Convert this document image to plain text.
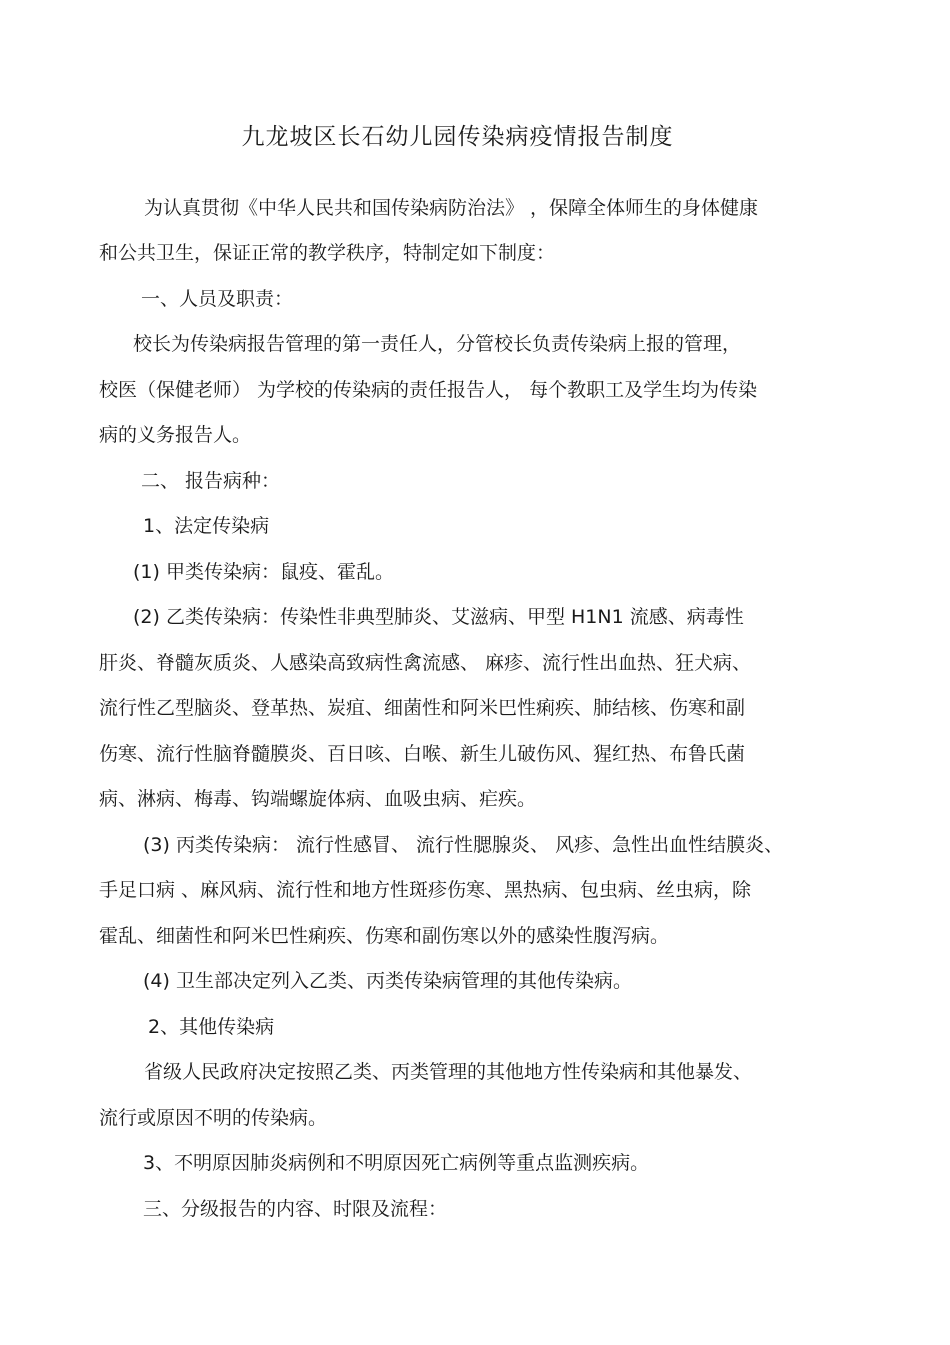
九龙坡区长石幼儿园传染病疫情报告制度
为认真贯彻《中华人民共和国传染病防治法》 ，保障全体师生的身体健康
和公共卫生，保证正常的教学秩序，特制定如下制度：
一、人员及职责：
校长为传染病报告管理的第一责任人，分管校长负责传染病上报的管理，
校医（保健老师） 为学校的传染病的责任报告人， 每个教职工及学生均为传染
病的义务报告人。
二、 报告病种：
1、法定传染病
(1) 甲类传染病：鼠疫、霍乱。
(2) 乙类传染病：传染性非典型肺炎、艾滋病、甲型 H1N1 流感、病毒性
肝炎、脊髓灰质炎、人感染高致病性禽流感、 麻疹、流行性出血热、狂犬病、
流行性乙型脑炎、登革热、炭疽、细菌性和阿米巴性痢疾、肺结核、伤寒和副
伤寒、流行性脑脊髓膜炎、百日咳、白喉、新生儿破伤风、猩红热、布鲁氏菌
病、淋病、梅毒、钩端螺旋体病、血吸虫病、疟疾。
(3) 丙类传染病： 流行性感冒、 流行性腮腺炎、 风疹、急性出血性结膜炎、
手足口病 、麻风病、流行性和地方性斑疹伤寒、黑热病、包虫病、丝虫病，除
霍乱、细菌性和阿米巴性痢疾、伤寒和副伤寒以外的感染性腹泻病。
(4) 卫生部决定列入乙类、丙类传染病管理的其他传染病。
2、其他传染病
省级人民政府决定按照乙类、丙类管理的其他地方性传染病和其他暴发、
流行或原因不明的传染病。
3、不明原因肺炎病例和不明原因死亡病例等重点监测疾病。
三、分级报告的内容、时限及流程：
